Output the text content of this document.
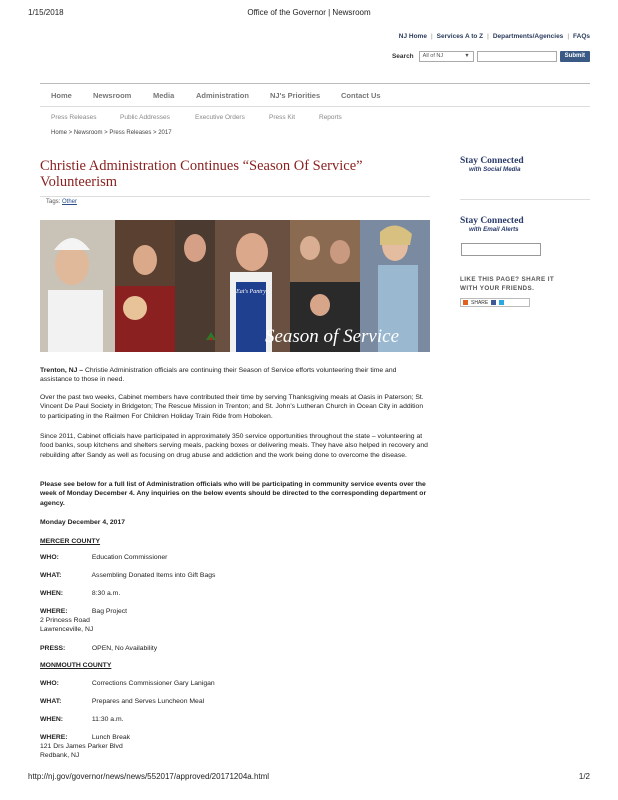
1/15/2018	Office of the Governor | Newsroom
NJ Home | Services A to Z | Departments/Agencies | FAQs
Search All of NJ	▼	Submit
Home	Newsroom	Media	Administration	NJ's Priorities	Contact Us
Press Releases	Public Addresses	Executive Orders	Press Kit	Reports
Home > Newsroom > Press Releases > 2017
Christie Administration Continues “Season Of Service”
Volunteerism
Tags: Other
Eat's Pantry
Season of Service
Trenton, NJ – Christie Administration officials are continuing their Season of Service efforts volunteering their time and assistance to those in need.
Over the past two weeks, Cabinet members have contributed their time by serving Thanksgiving meals at Oasis in Paterson; St. Vincent De Paul Society in Bridgeton; The Rescue Mission in Trenton; and St. John’s Lutheran Church in Ocean City in addition to participating in the Railmen For Children Holiday Train Ride from Hoboken.
Since 2011, Cabinet officials have participated in approximately 350 service opportunities throughout the state – volunteering at food banks, soup kitchens and shelters serving meals, packing boxes or delivering meals. They have also helped in recovery and rebuilding after Sandy as well as focusing on drug abuse and addiction and the work being done to overcome the disease.
Please see below for a full list of Administration officials who will be participating in community service events over the week of Monday December 4. Any inquiries on the below events should be directed to the corresponding department or agency.
Monday December 4, 2017
MERCER COUNTY
WHO:	Education Commissioner
WHAT:	Assembling Donated Items into Gift Bags
WHEN:	8:30 a.m.
WHERE:	Bag Project
2 Princess Road
Lawrenceville, NJ
PRESS:	OPEN, No Availability
MONMOUTH COUNTY
WHO:	Corrections Commissioner Gary Lanigan
WHAT:	Prepares and Serves Luncheon Meal
WHEN:	11:30 a.m.
WHERE:	Lunch Break
121 Drs James Parker Blvd
Redbank, NJ
Stay Connected
with Social Media
Stay Connected
with Email Alerts
LIKE THIS PAGE? SHARE IT
WITH YOUR FRIENDS.
SHARE
http://nj.gov/governor/news/news/552017/approved/20171204a.html	1/2
